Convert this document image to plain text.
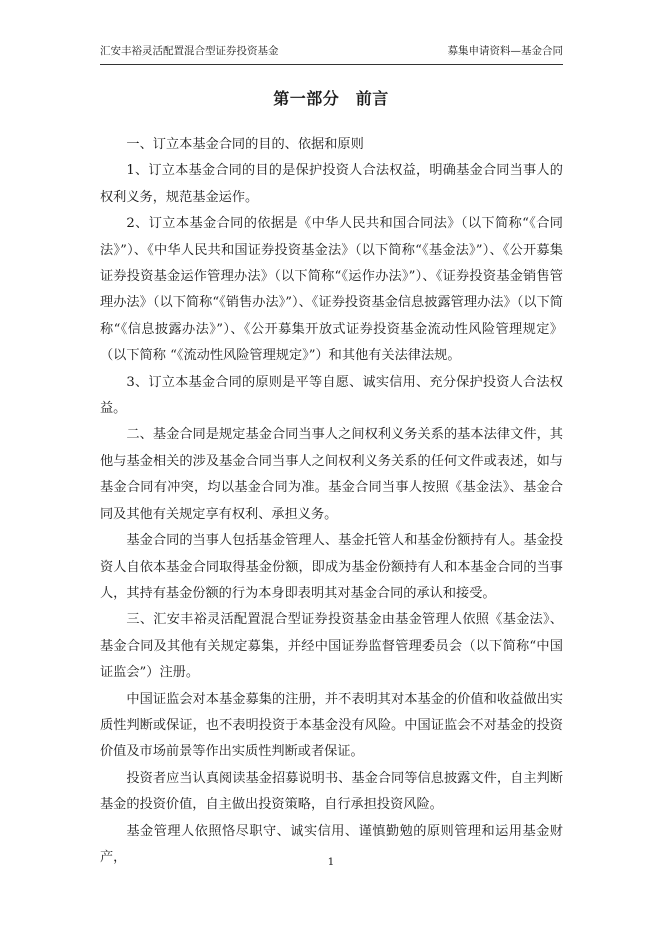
汇安丰裕灵活配置混合型证券投资基金	募集申请资料—基金合同
第一部分　前言

一、订立本基金合同的目的、依据和原则

1、订立本基金合同的目的是保护投资人合法权益，明确基金合同当事人的权利义务，规范基金运作。

2、订立本基金合同的依据是《中华人民共和国合同法》（以下简称“《合同法》”）、《中华人民共和国证券投资基金法》（以下简称“《基金法》”）、《公开募集证券投资基金运作管理办法》（以下简称“《运作办法》”）、《证券投资基金销售管理办法》（以下简称“《销售办法》”）、《证券投资基金信息披露管理办法》（以下简称“《信息披露办法》”）、《公开募集开放式证券投资基金流动性风险管理规定》（以下简称 “《流动性风险管理规定》”）和其他有关法律法规。

3、订立本基金合同的原则是平等自愿、诚实信用、充分保护投资人合法权益。

二、基金合同是规定基金合同当事人之间权利义务关系的基本法律文件，其他与基金相关的涉及基金合同当事人之间权利义务关系的任何文件或表述，如与基金合同有冲突，均以基金合同为准。基金合同当事人按照《基金法》、基金合同及其他有关规定享有权利、承担义务。

基金合同的当事人包括基金管理人、基金托管人和基金份额持有人。基金投资人自依本基金合同取得基金份额，即成为基金份额持有人和本基金合同的当事人，其持有基金份额的行为本身即表明其对基金合同的承认和接受。

三、汇安丰裕灵活配置混合型证券投资基金由基金管理人依照《基金法》、基金合同及其他有关规定募集，并经中国证券监督管理委员会（以下简称“中国证监会”）注册。

中国证监会对本基金募集的注册，并不表明其对本基金的价值和收益做出实质性判断或保证，也不表明投资于本基金没有风险。中国证监会不对基金的投资价值及市场前景等作出实质性判断或者保证。

投资者应当认真阅读基金招募说明书、基金合同等信息披露文件，自主判断基金的投资价值，自主做出投资策略，自行承担投资风险。

基金管理人依照恪尽职守、诚实信用、谨慎勤勉的原则管理和运用基金财产，	1
